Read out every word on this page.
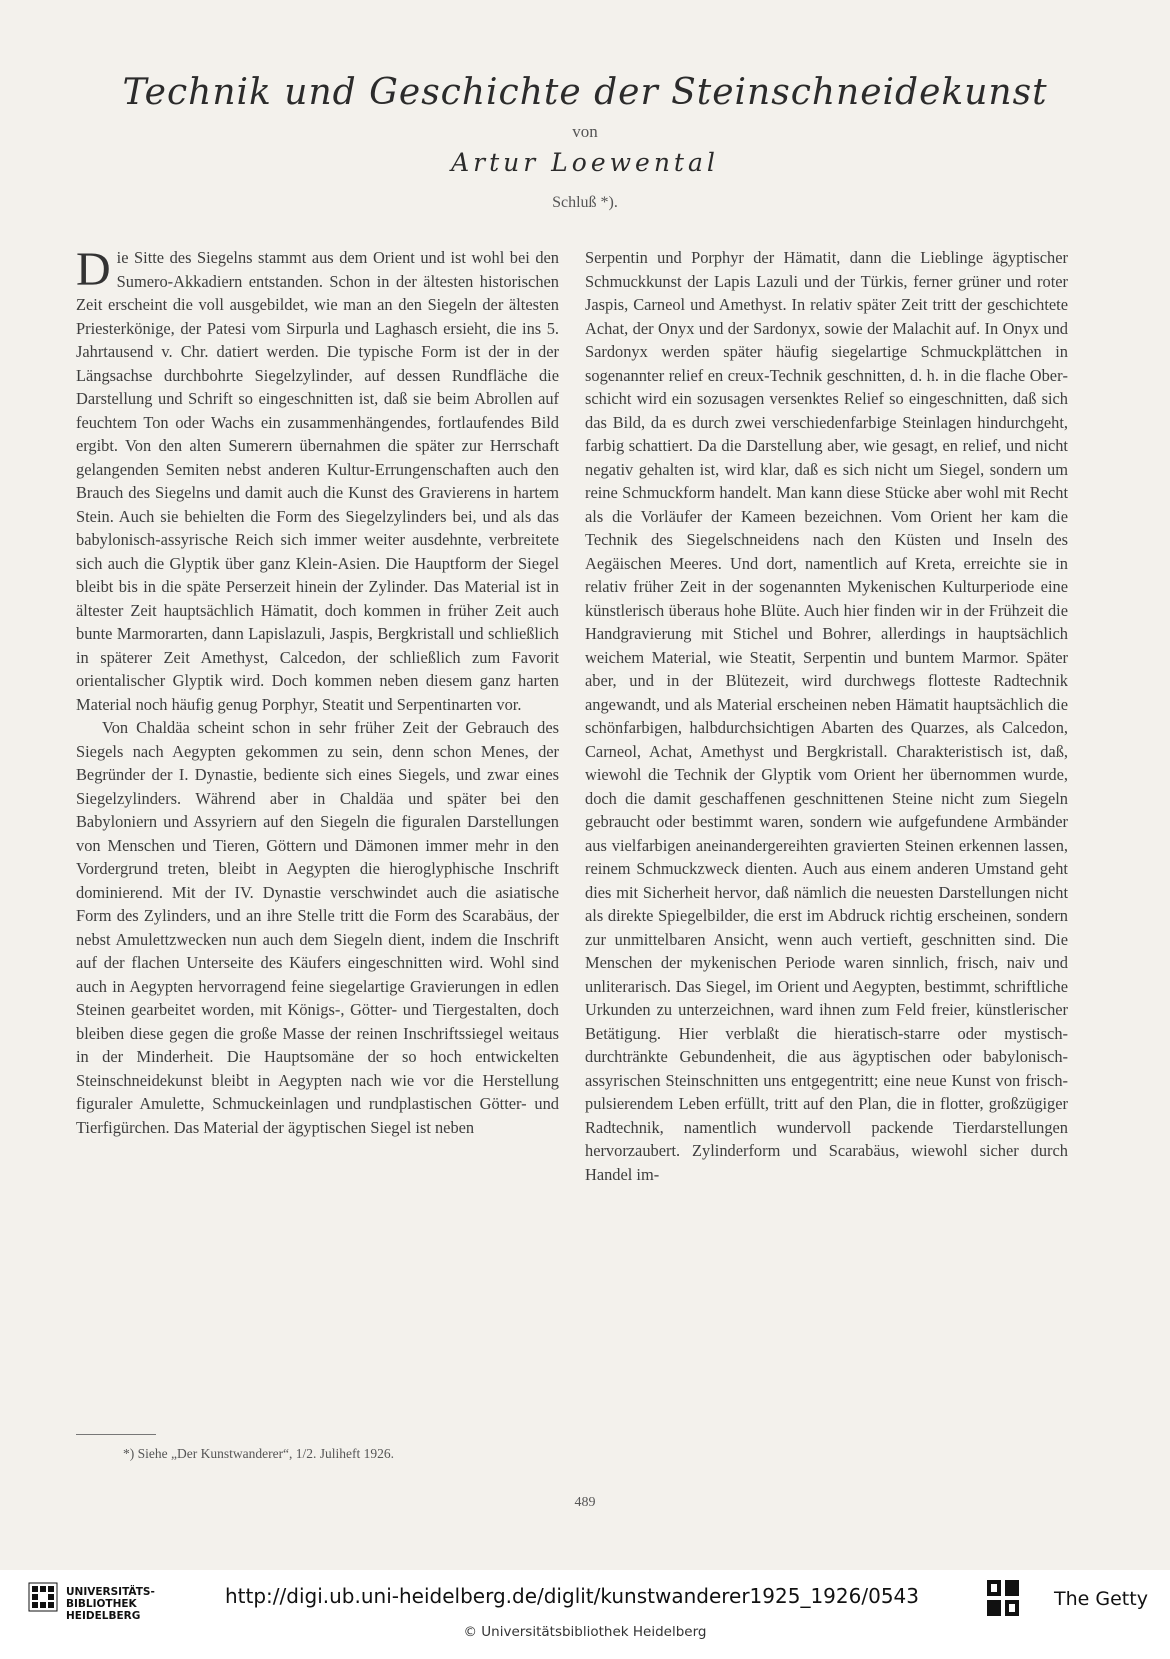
Technik und Geschichte der Steinschneidekunst
von
Artur Loewental
Schluß *).

Die Sitte des Siegelns stammt aus dem Orient und ist wohl bei den Sumero-Akkadiern entstanden. Schon in der ältesten historischen Zeit erscheint die voll ausgebildet, wie man an den Siegeln der ältesten Priesterkönige, der Patesi vom Sirpurla und Laghasch ersieht, die ins 5. Jahrtausend v. Chr. datiert werden. Die typische Form ist der in der Längsachse durchbohrte Siegelzylinder, auf dessen Rundfläche die Darstellung und Schrift so eingeschnitten ist, daß sie beim Abrollen auf feuchtem Ton oder Wachs ein zusammenhängendes, fortlaufendes Bild ergibt. Von den alten Sumerern übernahmen die später zur Herrschaft gelangenden Semiten nebst anderen Kultur-Errungenschaften auch den Brauch des Siegelns und damit auch die Kunst des Gravierens in hartem Stein. Auch sie behielten die Form des Siegelzylinders bei, und als das babylonisch-assyrische Reich sich immer weiter ausdehnte, verbreitete sich auch die Glyptik über ganz Klein-Asien. Die Hauptform der Siegel bleibt bis in die späte Perserzeit hinein der Zylinder. Das Material ist in ältester Zeit hauptsächlich Hämatit, doch kommen in früher Zeit auch bunte Marmorarten, dann Lapislazuli, Jaspis, Bergkristall und schließlich in späterer Zeit Amethyst, Calcedon, der schließlich zum Favorit orientalischer Glyptik wird. Doch kommen neben diesem ganz harten Material noch häufig genug Porphyr, Steatit und Serpentinarten vor.

Von Chaldäa scheint schon in sehr früher Zeit der Gebrauch des Siegels nach Aegypten gekommen zu sein, denn schon Menes, der Begründer der I. Dynastie, bediente sich eines Siegels, und zwar eines Siegelzylinders. Während aber in Chaldäa und später bei den Babyloniern und Assyriern auf den Siegeln die figuralen Darstellungen von Menschen und Tieren, Göttern und Dämonen immer mehr in den Vordergrund treten, bleibt in Aegypten die hieroglyphische Inschrift dominierend. Mit der IV. Dynastie verschwindet auch die asiatische Form des Zylinders, und an ihre Stelle tritt die Form des Scarabäus, der nebst Amulettzwecken nun auch dem Siegeln dient, indem die Inschrift auf der flachen Unterseite des Käufers eingeschnitten wird. Wohl sind auch in Aegypten hervorragend feine siegelartige Gravierungen in edlen Steinen gearbeitet worden, mit Königs-, Götter- und Tiergestalten, doch bleiben diese gegen die große Masse der reinen Inschriftssiegel weitaus in der Minderheit. Die Hauptsomäne der so hoch entwickelten Steinschneidekunst bleibt in Aegypten nach wie vor die Herstellung figuraler Amulette, Schmuckeinlagen und rundplastischen Götter- und Tierfigürchen. Das Material der ägyptischen Siegel ist neben

Serpentin und Porphyr der Hämatit, dann die Lieblinge ägyptischer Schmuckkunst der Lapis Lazuli und der Türkis, ferner grüner und roter Jaspis, Carneol und Amethyst. In relativ später Zeit tritt der geschichtete Achat, der Onyx und der Sardonyx, sowie der Malachit auf. In Onyx und Sardonyx werden später häufig siegelartige Schmuckplättchen in sogenannter relief en creux-Technik geschnitten, d. h. in die flache Oberschicht wird ein sozusagen versenktes Relief so eingeschnitten, daß sich das Bild, da es durch zwei verschiedenfarbige Steinlagen hindurchgeht, farbig schattiert. Da die Darstellung aber, wie gesagt, en relief, und nicht negativ gehalten ist, wird klar, daß es sich nicht um Siegel, sondern um reine Schmuckform handelt. Man kann diese Stücke aber wohl mit Recht als die Vorläufer der Kameen bezeichnen. Vom Orient her kam die Technik des Siegelschneidens nach den Küsten und Inseln des Aegäischen Meeres. Und dort, namentlich auf Kreta, erreichte sie in relativ früher Zeit in der sogenannten Mykenischen Kulturperiode eine künstlerisch überaus hohe Blüte. Auch hier finden wir in der Frühzeit die Handgravierung mit Stichel und Bohrer, allerdings in hauptsächlich weichem Material, wie Steatit, Serpentin und buntem Marmor. Später aber, und in der Blütezeit, wird durchwegs flotteste Radtechnik angewandt, und als Material erscheinen neben Hämatit hauptsächlich die schönfarbigen, halbdurchsichtigen Abarten des Quarzes, als Calcedon, Carneol, Achat, Amethyst und Bergkristall. Charakteristisch ist, daß, wiewohl die Technik der Glyptik vom Orient her übernommen wurde, doch die damit geschaffenen geschnittenen Steine nicht zum Siegeln gebraucht oder bestimmt waren, sondern wie aufgefundene Armbänder aus vielfarbigen aneinandergereihten gravierten Steinen erkennen lassen, reinem Schmuckzweck dienten. Auch aus einem anderen Umstand geht dies mit Sicherheit hervor, daß nämlich die neuesten Darstellungen nicht als direkte Spiegelbilder, die erst im Abdruck richtig erscheinen, sondern zur unmittelbaren Ansicht, wenn auch vertieft, geschnitten sind. Die Menschen der mykenischen Periode waren sinnlich, frisch, naiv und unliterarisch. Das Siegel, im Orient und Aegypten, bestimmt, schriftliche Urkunden zu unterzeichnen, ward ihnen zum Feld freier, künstlerischer Betätigung. Hier verblaßt die hieratisch-starre oder mystisch-durchtränkte Gebundenheit, die aus ägyptischen oder babylonisch-assyrischen Steinschnitten uns entgegentritt; eine neue Kunst von frisch-pulsierendem Leben erfüllt, tritt auf den Plan, die in flotter, großzügiger Radtechnik, namentlich wundervoll packende Tierdarstellungen hervorzaubert. Zylinderform und Scarabäus, wiewohl sicher durch Handel im-

*) Siehe „Der Kunstwanderer“, 1/2. Juliheft 1926.
489
UNIVERSITÄTS-
BIBLIOTHEK
HEIDELBERG
http://digi.ub.uni-heidelberg.de/diglit/kunstwanderer1925_1926/0543
© Universitätsbibliothek Heidelberg
The Getty
